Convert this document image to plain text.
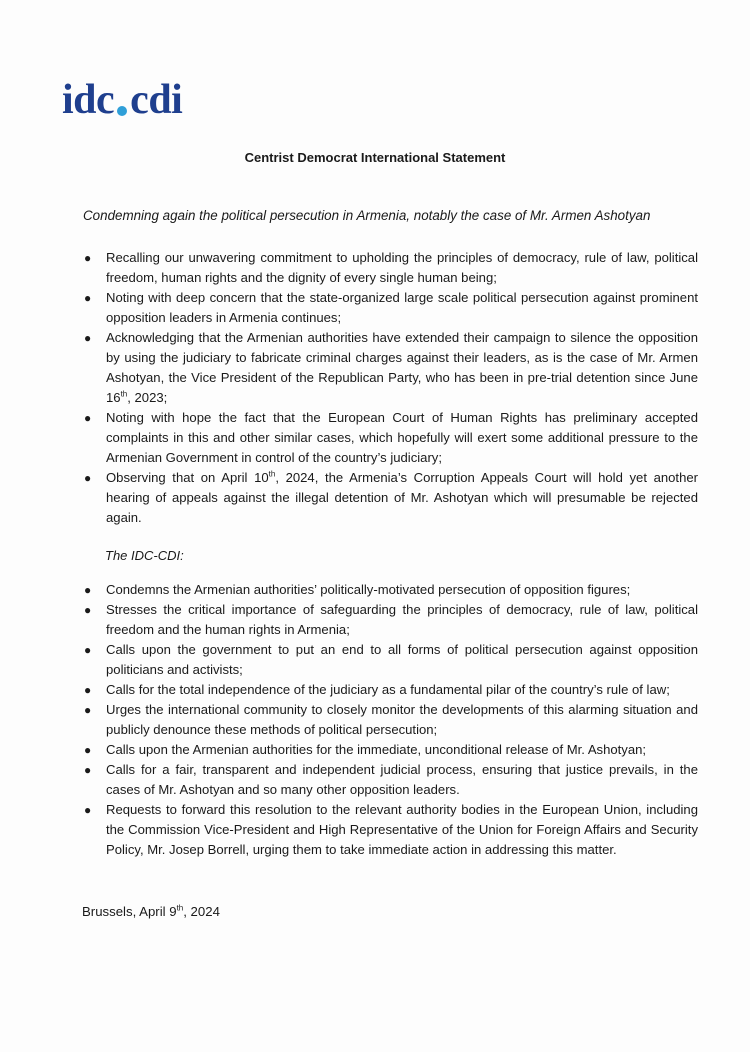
idc cdi
Centrist Democrat International Statement
Condemning again the political persecution in Armenia, notably the case of Mr. Armen Ashotyan
● Recalling our unwavering commitment to upholding the principles of democracy, rule of law, political freedom, human rights and the dignity of every single human being;
● Noting with deep concern that the state-organized large scale political persecution against prominent opposition leaders in Armenia continues;
● Acknowledging that the Armenian authorities have extended their campaign to silence the opposition by using the judiciary to fabricate criminal charges against their leaders, as is the case of Mr. Armen Ashotyan, the Vice President of the Republican Party, who has been in pre-trial detention since June 16th, 2023;
● Noting with hope the fact that the European Court of Human Rights has preliminary accepted complaints in this and other similar cases, which hopefully will exert some additional pressure to the Armenian Government in control of the country’s judiciary;
● Observing that on April 10th, 2024, the Armenia’s Corruption Appeals Court will hold yet another hearing of appeals against the illegal detention of Mr. Ashotyan which will presumable be rejected again.
The IDC-CDI:
● Condemns the Armenian authorities’ politically-motivated persecution of opposition figures;
● Stresses the critical importance of safeguarding the principles of democracy, rule of law, political freedom and the human rights in Armenia;
● Calls upon the government to put an end to all forms of political persecution against opposition politicians and activists;
● Calls for the total independence of the judiciary as a fundamental pilar of the country’s rule of law;
● Urges the international community to closely monitor the developments of this alarming situation and publicly denounce these methods of political persecution;
● Calls upon the Armenian authorities for the immediate, unconditional release of Mr. Ashotyan;
● Calls for a fair, transparent and independent judicial process, ensuring that justice prevails, in the cases of Mr. Ashotyan and so many other opposition leaders.
● Requests to forward this resolution to the relevant authority bodies in the European Union, including the Commission Vice-President and High Representative of the Union for Foreign Affairs and Security Policy, Mr. Josep Borrell, urging them to take immediate action in addressing this matter.
Brussels, April 9th, 2024
